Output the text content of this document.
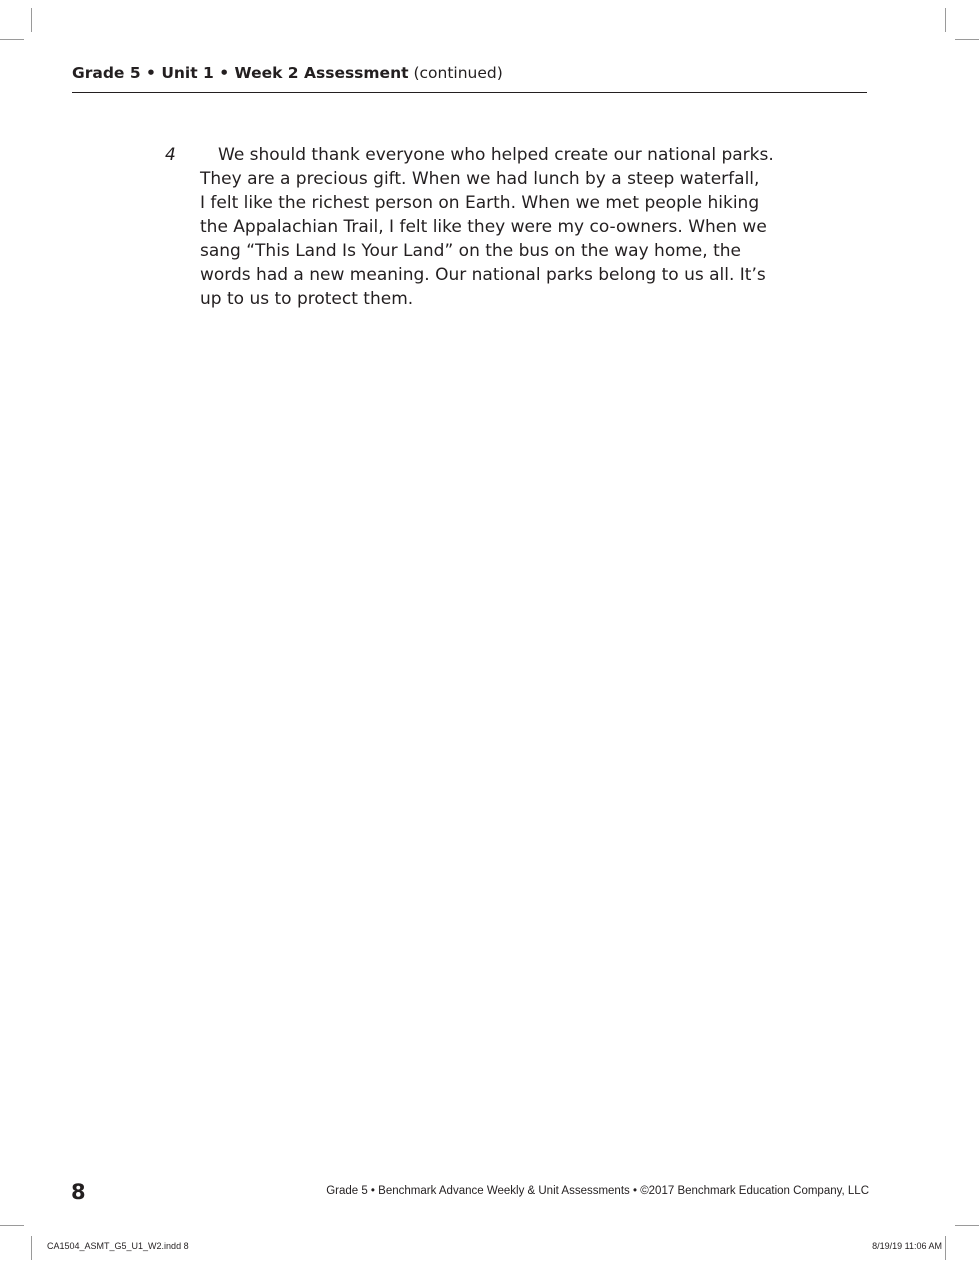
Grade 5 • Unit 1 • Week 2 Assessment (continued)
4	We should thank everyone who helped create our national parks.
They are a precious gift. When we had lunch by a steep waterfall,
I felt like the richest person on Earth. When we met people hiking
the Appalachian Trail, I felt like they were my co-owners. When we
sang “This Land Is Your Land” on the bus on the way home, the
words had a new meaning. Our national parks belong to us all. It’s
up to us to protect them.
8	Grade 5 • Benchmark Advance Weekly & Unit Assessments • ©2017 Benchmark Education Company, LLC
CA1504_ASMT_G5_U1_W2.indd 8	8/19/19 11:06 AM
